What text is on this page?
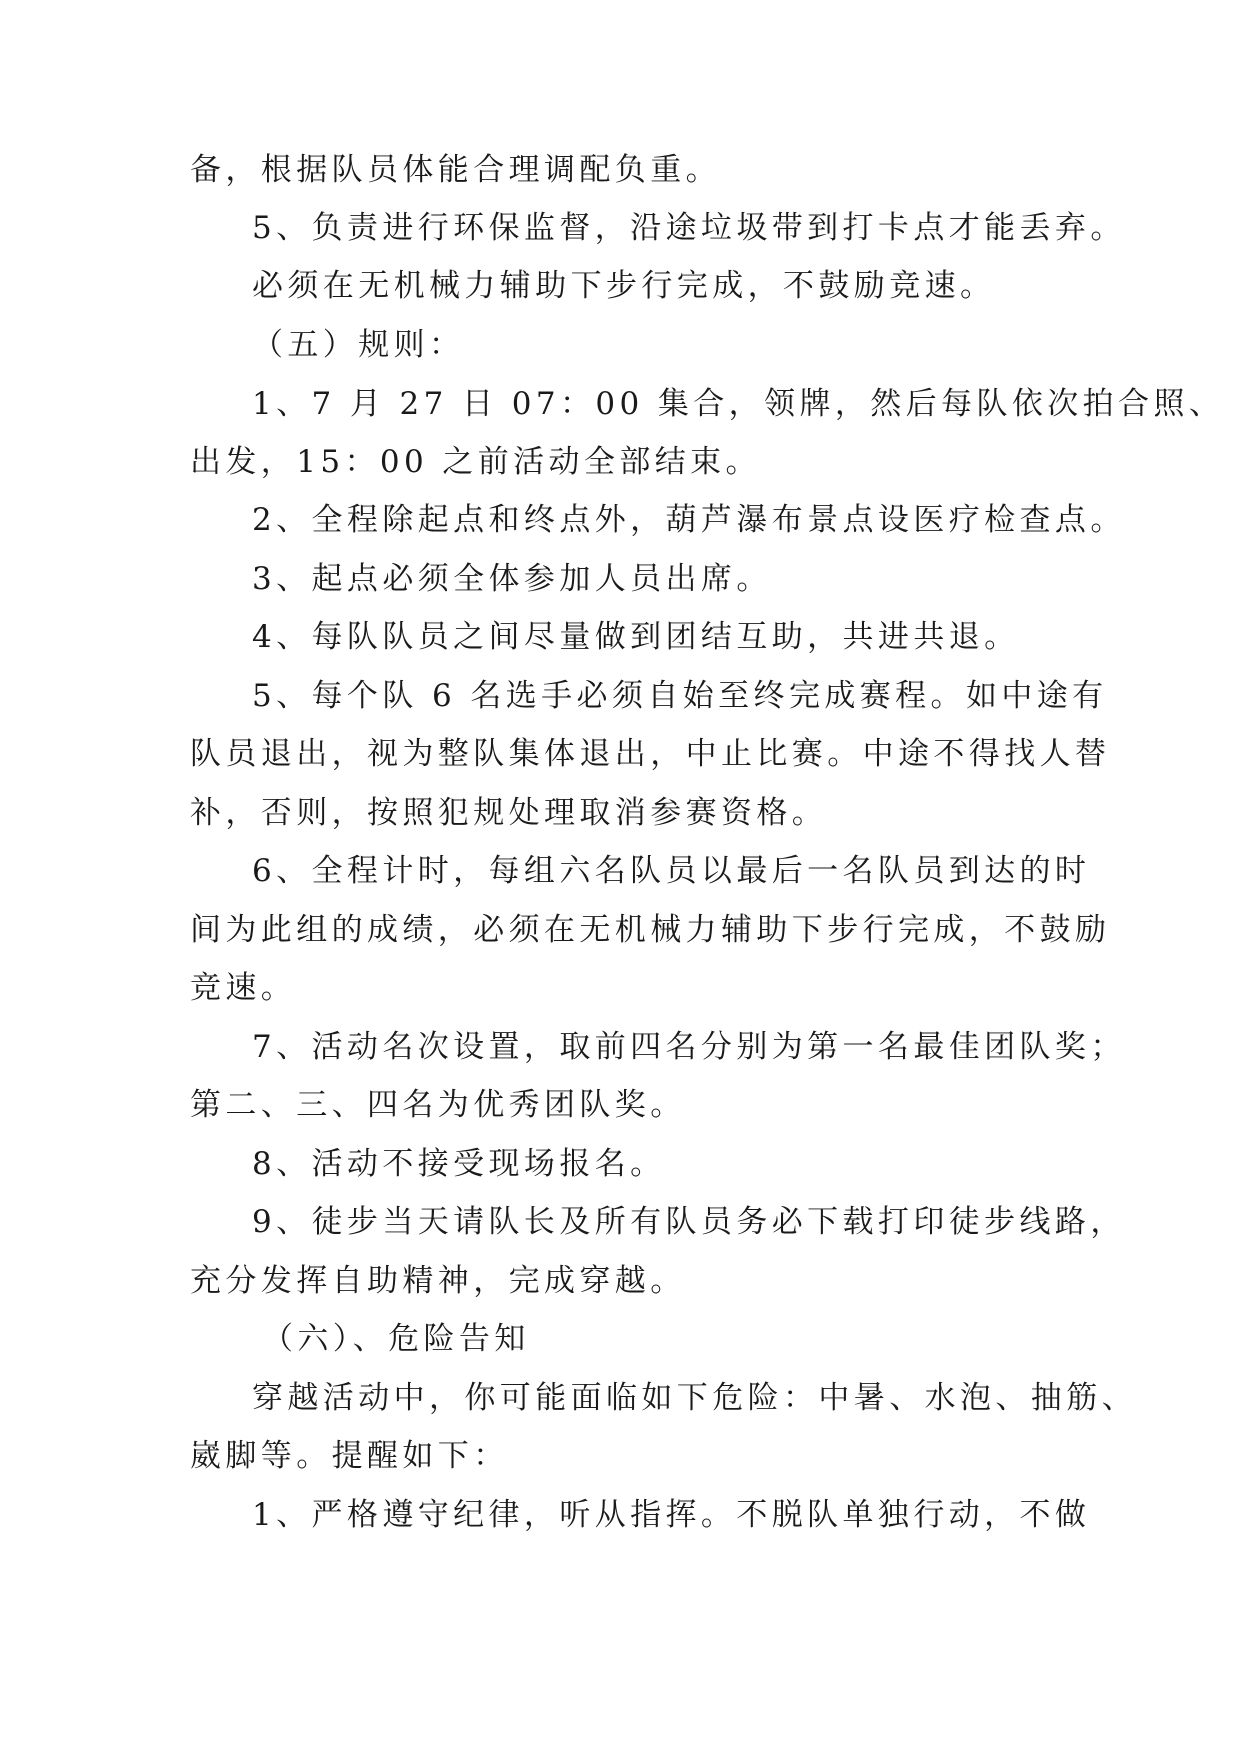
备，根据队员体能合理调配负重。
5、负责进行环保监督，沿途垃圾带到打卡点才能丢弃。
必须在无机械力辅助下步行完成，不鼓励竞速。
（五）规则：
1、7 月 27 日 07：00 集合，领牌，然后每队依次拍合照、
出发，15：00 之前活动全部结束。
2、全程除起点和终点外，葫芦瀑布景点设医疗检查点。
3、起点必须全体参加人员出席。
4、每队队员之间尽量做到团结互助，共进共退。
5、每个队 6 名选手必须自始至终完成赛程。如中途有
队员退出，视为整队集体退出，中止比赛。中途不得找人替
补，否则，按照犯规处理取消参赛资格。
6、全程计时，每组六名队员以最后一名队员到达的时
间为此组的成绩，必须在无机械力辅助下步行完成，不鼓励
竞速。
7、活动名次设置，取前四名分别为第一名最佳团队奖；
第二、三、四名为优秀团队奖。
8、活动不接受现场报名。
9、徒步当天请队长及所有队员务必下载打印徒步线路，
充分发挥自助精神，完成穿越。
（六）、危险告知
穿越活动中，你可能面临如下危险：中暑、水泡、抽筋、
崴脚等。提醒如下：
1、严格遵守纪律，听从指挥。不脱队单独行动，不做
